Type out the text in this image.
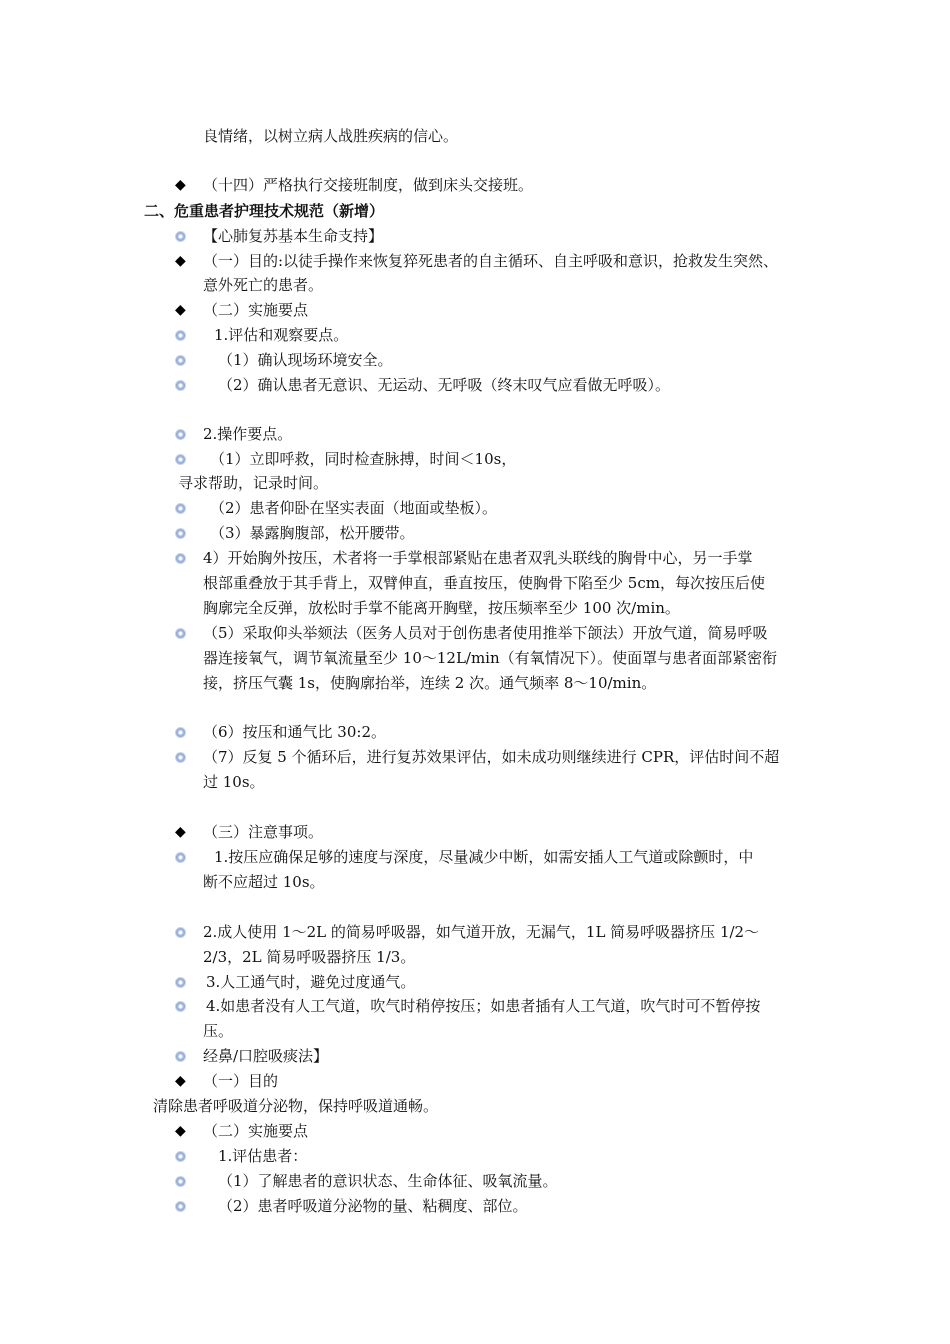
良情绪，以树立病人战胜疾病的信心。
◆ （十四）严格执行交接班制度，做到床头交接班。
二、危重患者护理技术规范（新增）
【心肺复苏基本生命支持】
◆ （一）目的:以徒手操作来恢复猝死患者的自主循环、自主呼吸和意识，抢救发生突然、
意外死亡的患者。
◆ （二）实施要点
1.评估和观察要点。
（1）确认现场环境安全。
（2）确认患者无意识、无运动、无呼吸（终末叹气应看做无呼吸）。
2.操作要点。
（1）立即呼救，同时检查脉搏，时间＜10s，
寻求帮助，记录时间。
（2）患者仰卧在坚实表面（地面或垫板）。
（3）暴露胸腹部，松开腰带。
4）开始胸外按压，术者将一手掌根部紧贴在患者双乳头联线的胸骨中心，另一手掌
根部重叠放于其手背上，双臂伸直，垂直按压，使胸骨下陷至少 5cm，每次按压后使
胸廓完全反弹，放松时手掌不能离开胸壁，按压频率至少 100 次/min。
（5）采取仰头举颏法（医务人员对于创伤患者使用推举下颌法）开放气道，简易呼吸
器连接氧气，调节氧流量至少 10～12L/min（有氧情况下）。使面罩与患者面部紧密衔
接，挤压气囊 1s，使胸廓抬举，连续 2 次。通气频率 8～10/min。
（6）按压和通气比 30:2。
（7）反复 5 个循环后，进行复苏效果评估，如未成功则继续进行 CPR，评估时间不超
过 10s。
◆ （三）注意事项。
1.按压应确保足够的速度与深度，尽量减少中断，如需安插人工气道或除颤时，中
断不应超过 10s。
2.成人使用 1～2L 的简易呼吸器，如气道开放，无漏气，1L 简易呼吸器挤压 1/2～
2/3，2L 简易呼吸器挤压 1/3。
3.人工通气时，避免过度通气。
4.如患者没有人工气道，吹气时稍停按压；如患者插有人工气道，吹气时可不暂停按
压。
经鼻/口腔吸痰法】
◆ （一）目的
清除患者呼吸道分泌物，保持呼吸道通畅。
◆ （二）实施要点
1.评估患者：
（1）了解患者的意识状态、生命体征、吸氧流量。
（2）患者呼吸道分泌物的量、粘稠度、部位。
